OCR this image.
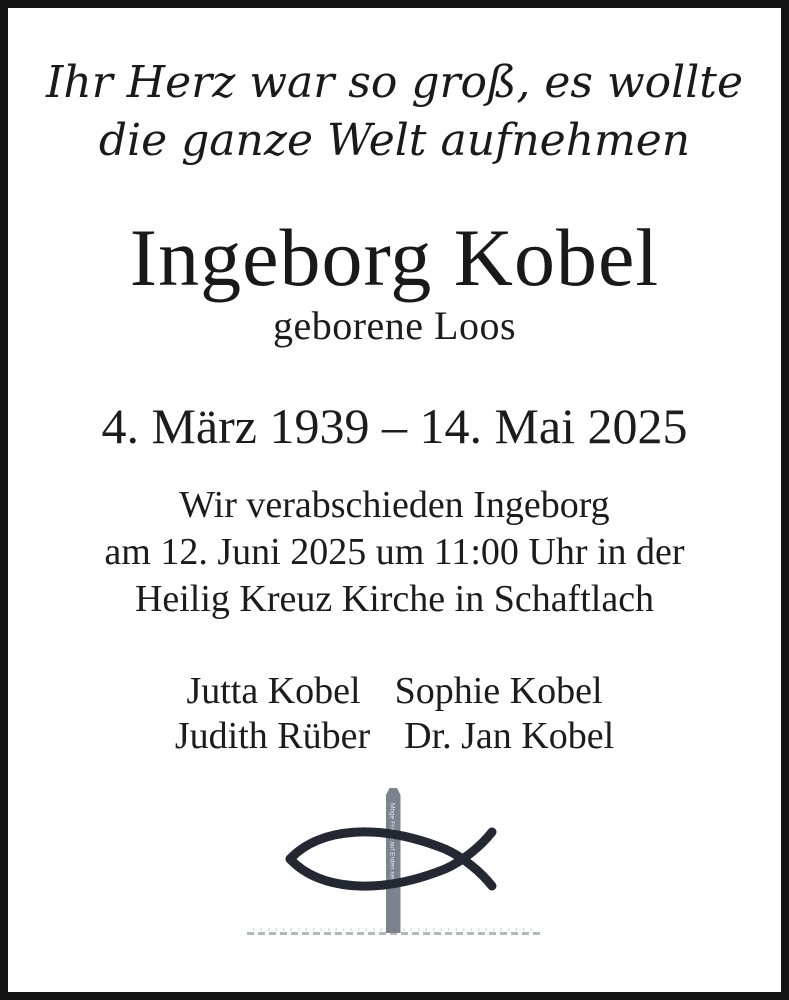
Ihr Herz war so groß, es wollte
die ganze Welt aufnehmen
Ingeborg Kobel
geborene Loos
4. März 1939 – 14. Mai 2025
Wir verabschieden Ingeborg
am 12. Juni 2025 um 11:00 Uhr in der
Heilig Kreuz Kirche in Schaftlach
Jutta Kobel Sophie Kobel
Judith Rüber Dr. Jan Kobel
Möge Friede auf Erden sein
